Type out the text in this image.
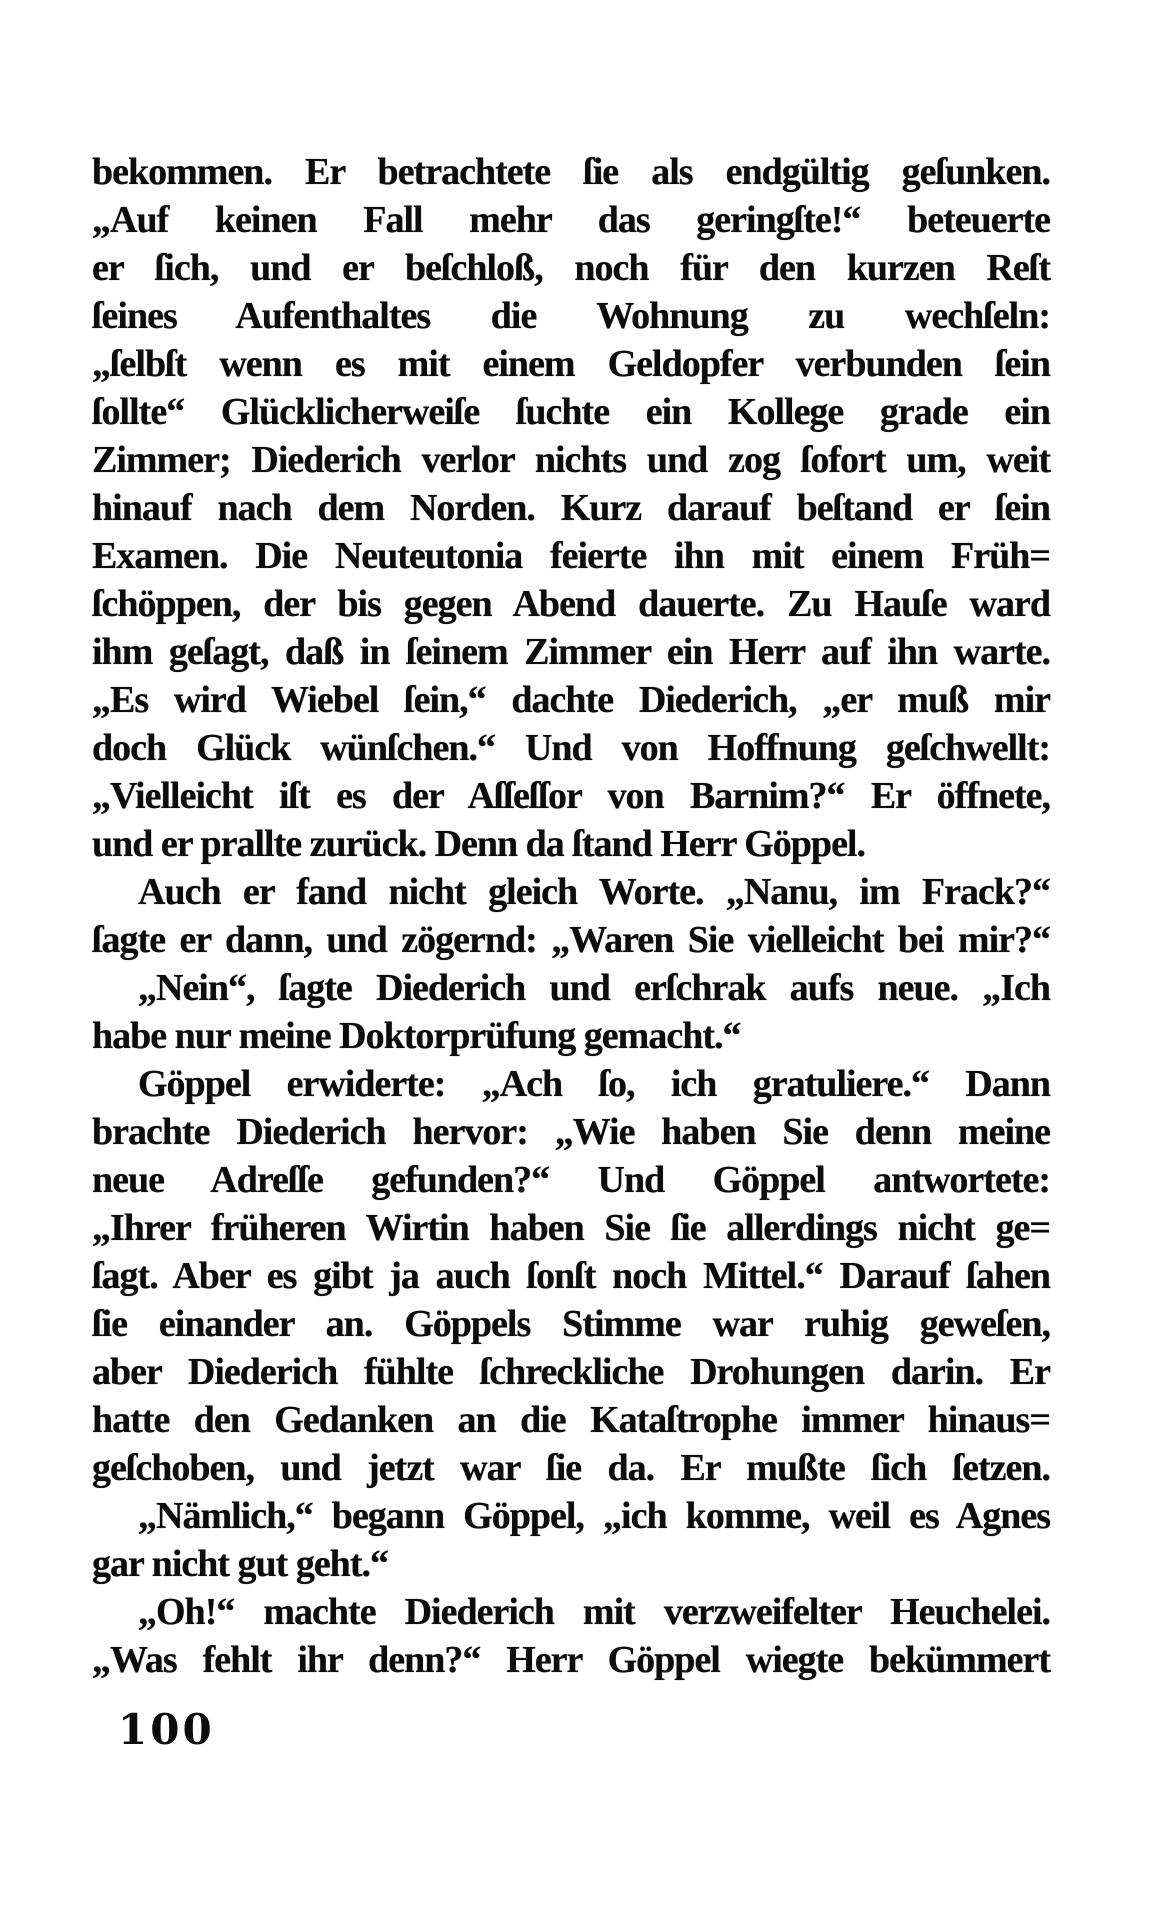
bekommen. Er betrachtete ſie als endgültig geſunken.
„Auf keinen Fall mehr das geringſte!“ beteuerte
er ſich, und er beſchloß, noch für den kurzen Reſt
ſeines Aufenthaltes die Wohnung zu wechſeln:
„ſelbſt wenn es mit einem Geldopfer verbunden ſein
ſollte“ Glücklicherweiſe ſuchte ein Kollege grade ein
Zimmer; Diederich verlor nichts und zog ſofort um, weit
hinauf nach dem Norden. Kurz darauf beſtand er ſein
Examen. Die Neuteutonia feierte ihn mit einem Früh=
ſchöppen, der bis gegen Abend dauerte. Zu Hauſe ward
ihm geſagt, daß in ſeinem Zimmer ein Herr auf ihn warte.
„Es wird Wiebel ſein,“ dachte Diederich, „er muß mir
doch Glück wünſchen.“ Und von Hoffnung geſchwellt:
„Vielleicht iſt es der Aſſeſſor von Barnim?“ Er öffnete,
und er prallte zurück. Denn da ſtand Herr Göppel.
Auch er fand nicht gleich Worte. „Nanu, im Frack?“
ſagte er dann, und zögernd: „Waren Sie vielleicht bei mir?“
„Nein“, ſagte Diederich und erſchrak aufs neue. „Ich
habe nur meine Doktorprüfung gemacht.“
Göppel erwiderte: „Ach ſo, ich gratuliere.“ Dann
brachte Diederich hervor: „Wie haben Sie denn meine
neue Adreſſe gefunden?“ Und Göppel antwortete:
„Ihrer früheren Wirtin haben Sie ſie allerdings nicht ge=
ſagt. Aber es gibt ja auch ſonſt noch Mittel.“ Darauf ſahen
ſie einander an. Göppels Stimme war ruhig geweſen,
aber Diederich fühlte ſchreckliche Drohungen darin. Er
hatte den Gedanken an die Kataſtrophe immer hinaus=
geſchoben, und jetzt war ſie da. Er mußte ſich ſetzen.
„Nämlich,“ begann Göppel, „ich komme, weil es Agnes
gar nicht gut geht.“
„Oh!“ machte Diederich mit verzweifelter Heuchelei.
„Was fehlt ihr denn?“ Herr Göppel wiegte bekümmert
100
